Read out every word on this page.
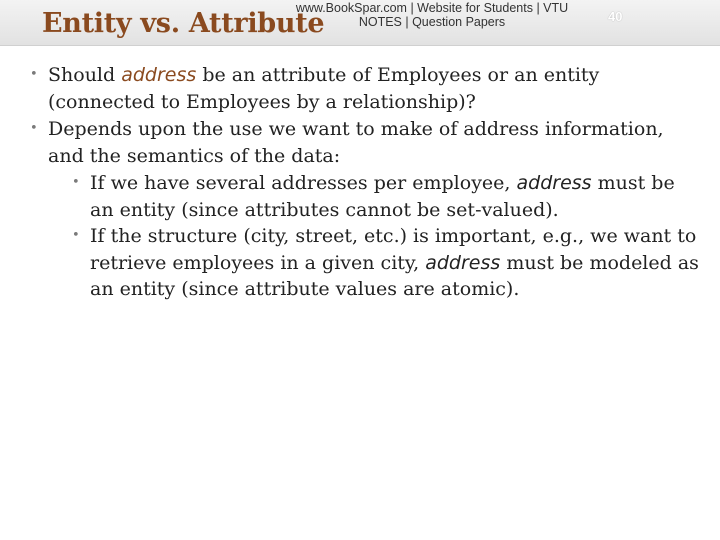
Entity vs. Attribute
www.BookSpar.com | Website for Students | VTU NOTES | Question Papers	40
• Should address be an attribute of Employees or an entity (connected to Employees by a relationship)?
• Depends upon the use we want to make of address information, and the semantics of the data:
• If we have several addresses per employee, address must be an entity (since attributes cannot be set-valued).
• If the structure (city, street, etc.) is important, e.g., we want to retrieve employees in a given city, address must be modeled as an entity (since attribute values are atomic).
